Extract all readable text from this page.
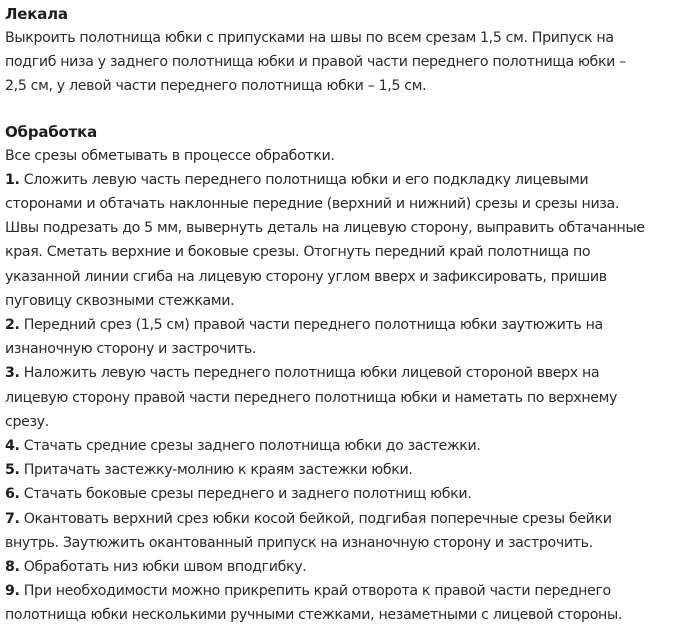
Лекала

Выкроить полотнища юбки с припусками на швы по всем срезам 1,5 см. Припуск на
подгиб низа у заднего полотнища юбки и правой части переднего полотнища юбки –
2,5 см, у левой части переднего полотнища юбки – 1,5 см.

Обработка

Все срезы обметывать в процессе обработки.

1. Сложить левую часть переднего полотнища юбки и его подкладку лицевыми
сторонами и обтачать наклонные передние (верхний и нижний) срезы и срезы низа.
Швы подрезать до 5 мм, вывернуть деталь на лицевую сторону, выправить обтачанные
края. Сметать верхние и боковые срезы. Отогнуть передний край полотнища по
указанной линии сгиба на лицевую сторону углом вверх и зафиксировать, пришив
пуговицу сквозными стежками.

2. Передний срез (1,5 см) правой части переднего полотнища юбки заутюжить на
изнаночную сторону и застрочить.

3. Наложить левую часть переднего полотнища юбки лицевой стороной вверх на
лицевую сторону правой части переднего полотнища юбки и наметать по верхнему
срезу.

4. Стачать средние срезы заднего полотнища юбки до застежки.

5. Притачать застежку-молнию к краям застежки юбки.

6. Стачать боковые срезы переднего и заднего полотнищ юбки.

7. Окантовать верхний срез юбки косой бейкой, подгибая поперечные срезы бейки
внутрь. Заутюжить окантованный припуск на изнаночную сторону и застрочить.

8. Обработать низ юбки швом вподгибку.

9. При необходимости можно прикрепить край отворота к правой части переднего
полотнища юбки несколькими ручными стежками, незаметными с лицевой стороны.
